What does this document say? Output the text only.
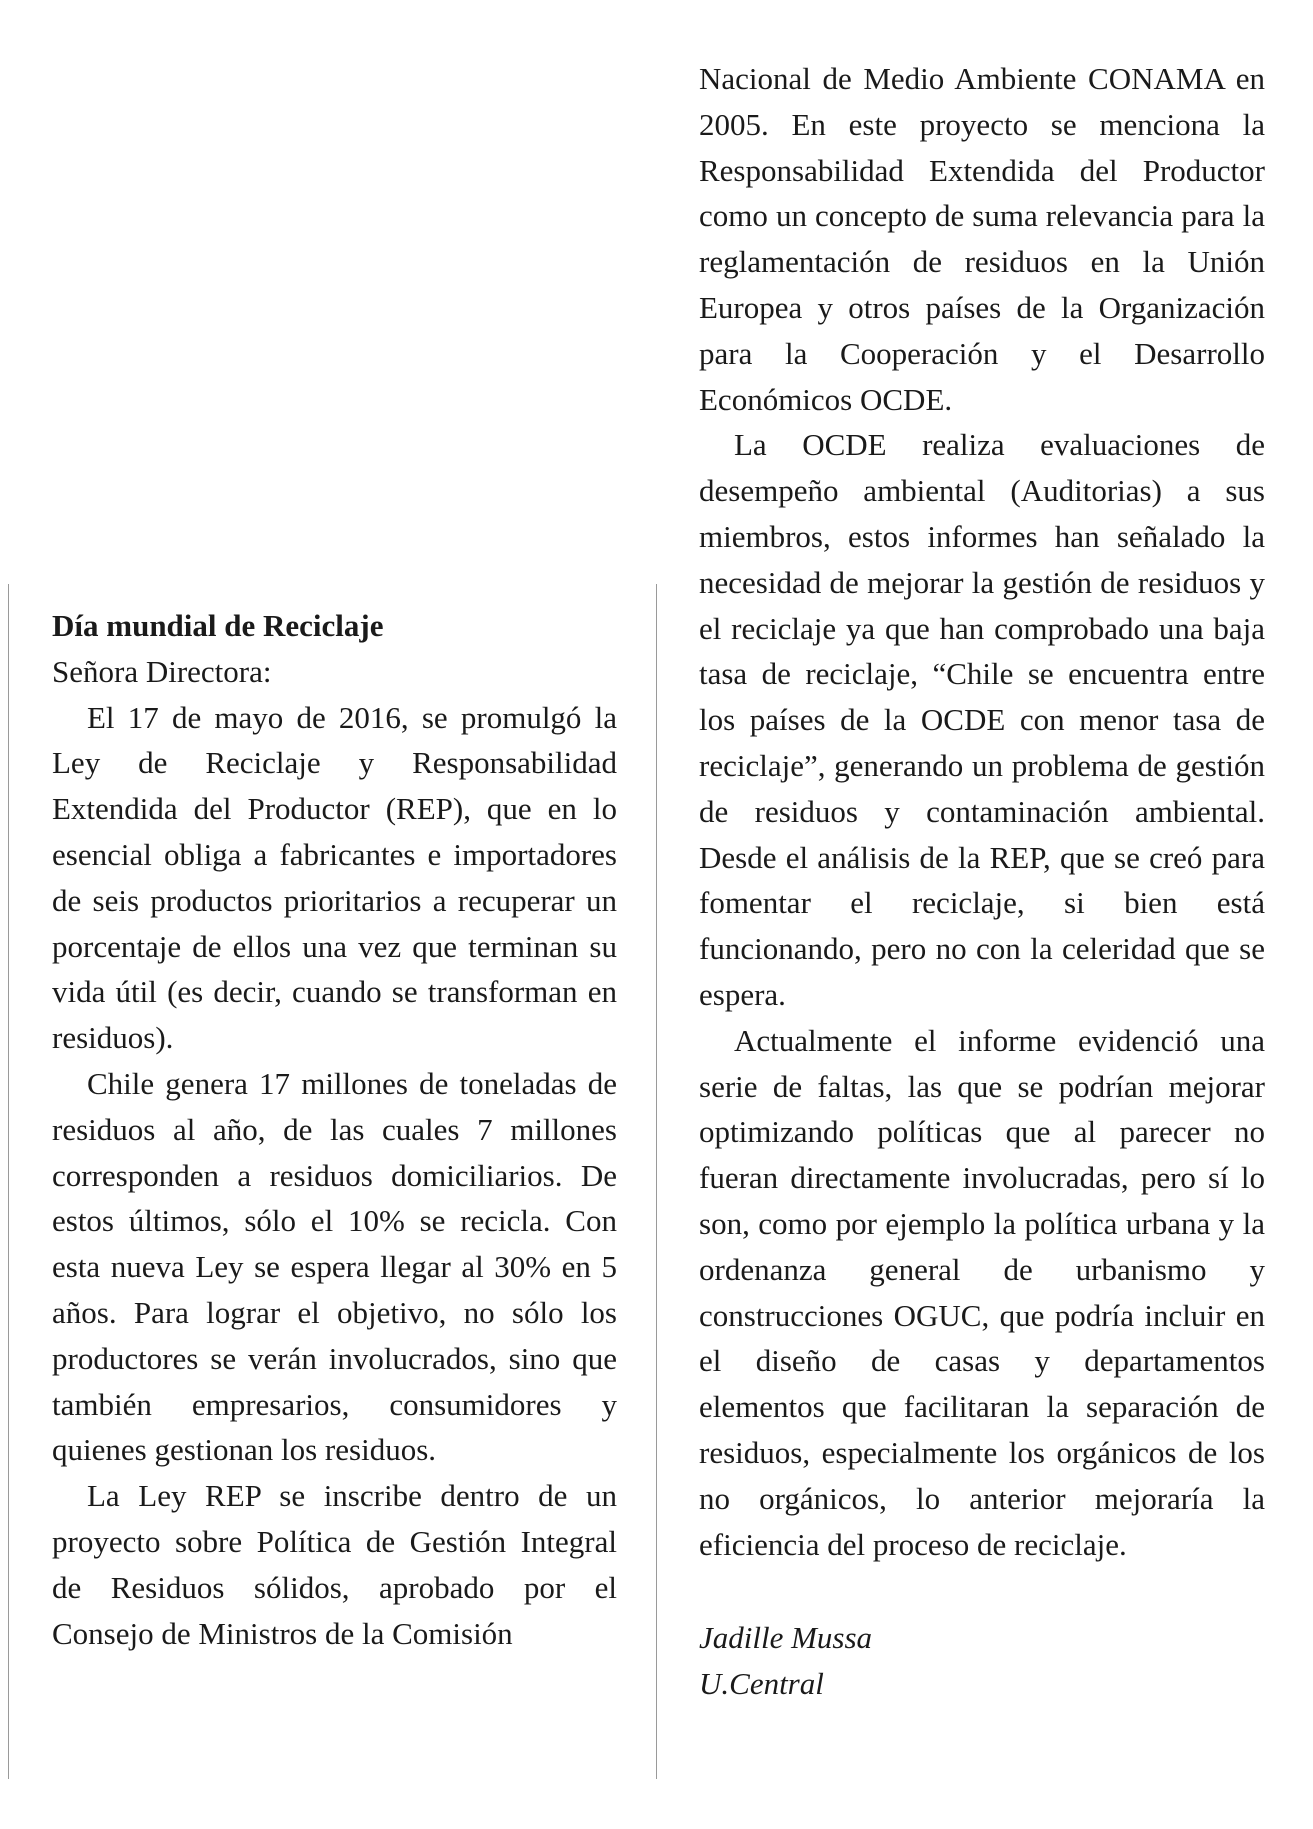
Día mundial de Reciclaje

Señora Directora:

El 17 de mayo de 2016, se promulgó la Ley de Reciclaje y Responsabilidad Extendida del Productor (REP), que en lo esencial obliga a fabricantes e importadores de seis productos prioritarios a recuperar un porcentaje de ellos una vez que terminan su vida útil (es decir, cuando se transforman en residuos).

Chile genera 17 millones de toneladas de residuos al año, de las cuales 7 millones corresponden a residuos domiciliarios. De estos últimos, sólo el 10% se recicla. Con esta nueva Ley se espera llegar al 30% en 5 años. Para lograr el objetivo, no sólo los productores se verán involucrados, sino que también empresarios, consumidores y quienes gestionan los residuos.

La Ley REP se inscribe dentro de un proyecto sobre Política de Gestión Integral de Residuos sólidos, aprobado por el Consejo de Ministros de la Comisión

Nacional de Medio Ambiente CONAMA en 2005. En este proyecto se menciona la Responsabilidad Extendida del Productor como un concepto de suma relevancia para la reglamentación de residuos en la Unión Europea y otros países de la Organización para la Cooperación y el Desarrollo Económicos OCDE.

La OCDE realiza evaluaciones de desempeño ambiental (Auditorias) a sus miembros, estos informes han señalado la necesidad de mejorar la gestión de residuos y el reciclaje ya que han comprobado una baja tasa de reciclaje, “Chile se encuentra entre los países de la OCDE con menor tasa de reciclaje”, generando un problema de gestión de residuos y contaminación ambiental. Desde el análisis de la REP, que se creó para fomentar el reciclaje, si bien está funcionando, pero no con la celeridad que se espera.

Actualmente el informe evidenció una serie de faltas, las que se podrían mejorar optimizando políticas que al parecer no fueran directamente involucradas, pero sí lo son, como por ejemplo la política urbana y la ordenanza general de urbanismo y construcciones OGUC, que podría incluir en el diseño de casas y departamentos elementos que facilitaran la separación de residuos, especialmente los orgánicos de los no orgánicos, lo anterior mejoraría la eficiencia del proceso de reciclaje.

Jadille Mussa

U.Central
